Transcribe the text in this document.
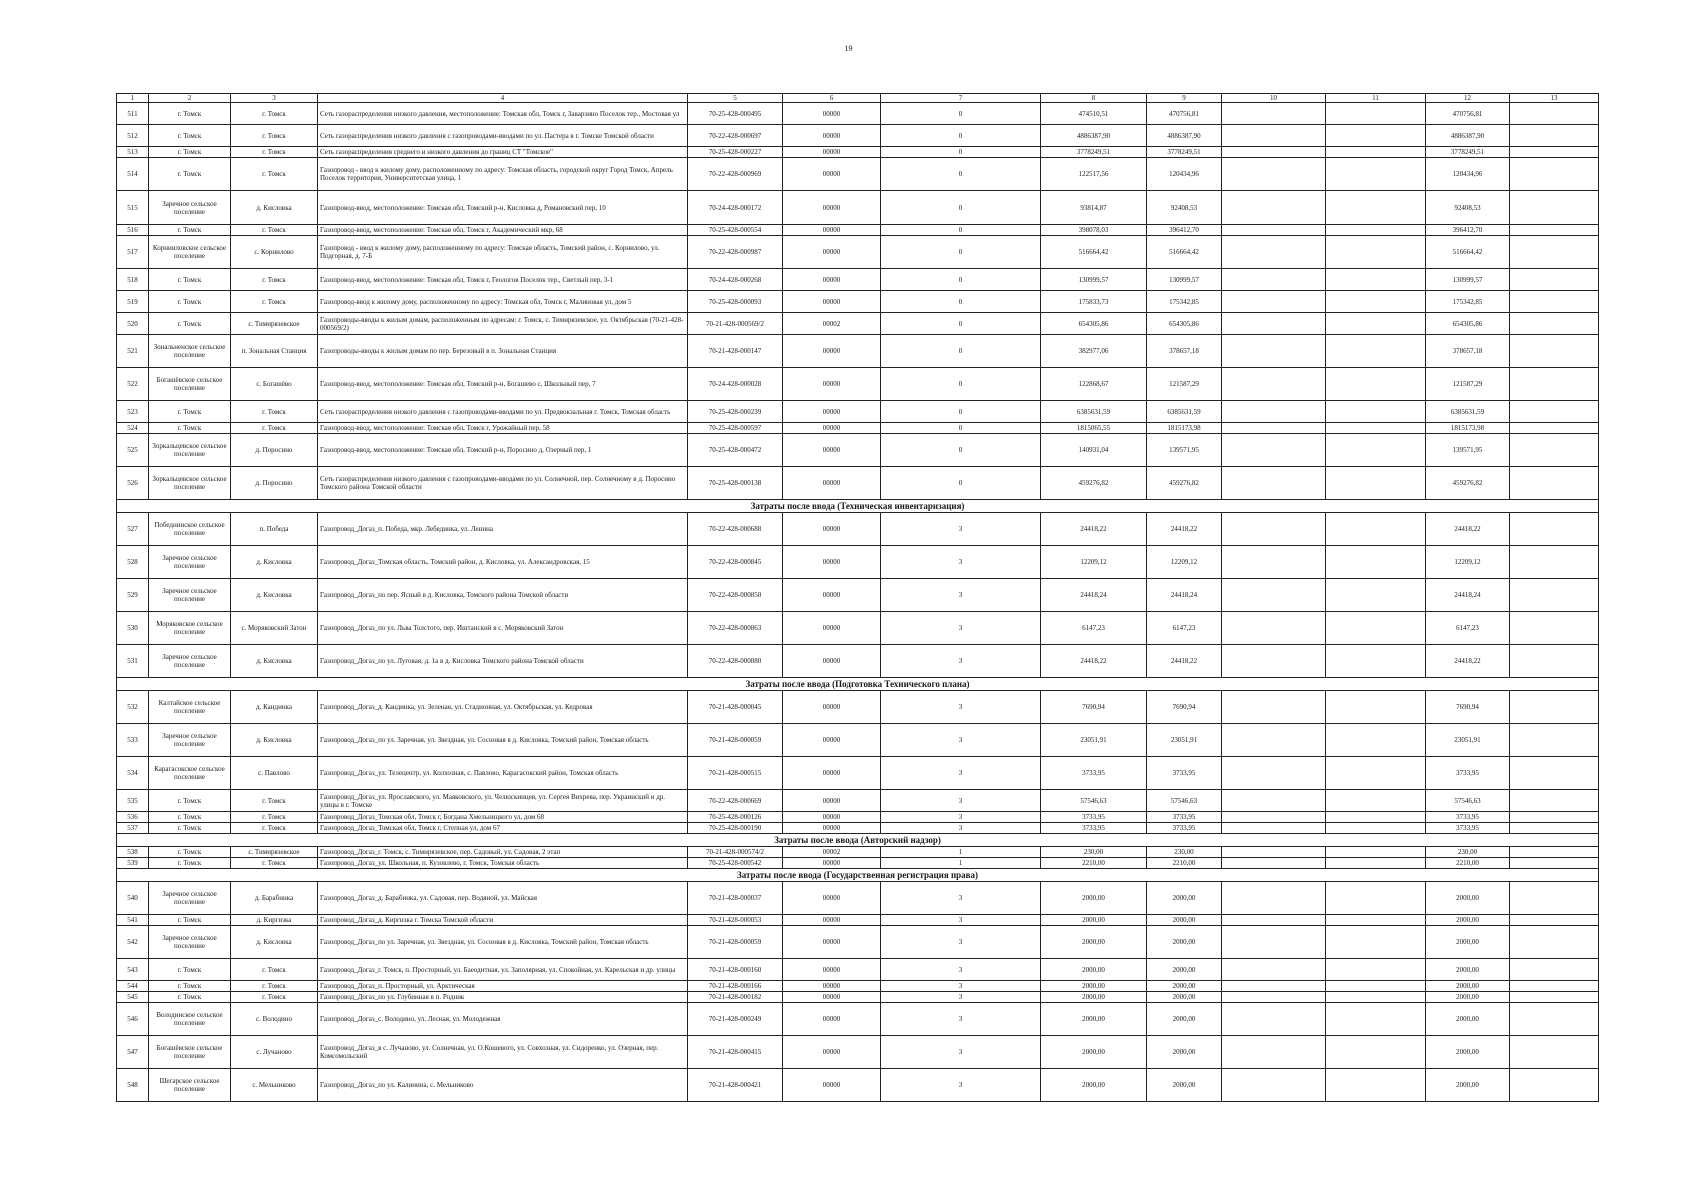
19
1	2	3	4	5	6	7	8	9	10	11	12	13
511	г. Томск	г. Томск	Сеть газораспределения низкого давления, местоположение: Томская обл, Томск г, Заварзино Поселок тер., Мостовая ул	70-25-428-000495	00000	0	474510,51	470756,81			470756,81	
512	г. Томск	г. Томск	Сеть газораспределения низкого давления с газопроводами-вводами по ул. Пастера в г. Томске Томской области	70-22-428-000697	00000	0	4886387,90	4886387,90			4886387,90	
513	г. Томск	г. Томск	Сеть газораспределения среднего и низкого давления до границ СТ "Томское"	70-25-428-000227	00000	0	3778249,51	3778249,51			3778249,51	
514	г. Томск	г. Томск	Газопровод - ввод к жилому дому, расположенному по адресу: Томская область, городской округ Город Томск, Апрель Поселок территория, Университетская улица, 1	70-22-428-000969	00000	0	122517,56	120434,96			120434,96	
515	Заречное сельское поселение	д. Кисловка	Газопровод-ввод, местоположение: Томская обл, Томский р-н, Кисловка д, Романовский пер, 10	70-24-428-000172	00000	0	93814,87	92408,53			92408,53	
516	г. Томск	г. Томск	Газопровод-ввод, местоположение: Томская обл, Томск г, Академический мкр, 68	70-25-428-000554	00000	0	398078,03	396412,70			396412,70	
517	Корнииловское сельское поселение	с. Корнилово	Газопровод - ввод к жилому дому, расположенному по адресу: Томская область, Томский район, с. Корнилово, ул. Подгорная, д. 7-Б	70-22-428-000987	00000	0	516664,42	516664,42			516664,42	
518	г. Томск	г. Томск	Газопровод-ввод, местоположение: Томская обл, Томск г, Геологов Поселок тер., Светлый пер, 3-1	70-24-428-000268	00000	0	130999,57	130999,57			130999,57	
519	г. Томск	г. Томск	Газопровод-ввод к жилому дому, расположенному по адресу: Томская обл, Томск г, Малиновая ул, дом 5	70-25-428-000093	00000	0	175833,73	175342,85			175342,85	
520	г. Томск	с. Тимирязевское	Газопроводы-вводы к жилым домам, расположенным по адресам: г. Томск, с. Тимирязевское, ул. Октябрьская (70-21-428-000569/2)	70-21-428-000569/2	00002	0	654305,86	654305,86			654305,86	
521	Зональненское сельское поселение	п. Зональная Станция	Газопроводы-вводы к жилым домам по пер. Березовый в п. Зональная Станция	70-21-428-000147	00000	0	382977,06	378657,18			378657,18	
522	Богашёвское сельское поселение	с. Богашёво	Газопровод-ввод, местоположение: Томская обл, Томский р-н, Богашево с, Школьный пер, 7	70-24-428-000028	00000	0	122868,67	121587,29			121587,29	
523	г. Томск	г. Томск	Сеть газораспределения низкого давления с газопроводами-вводами по ул. Предвокзальная г. Томск, Томская область	70-25-428-000239	00000	0	6385631,59	6385631,59			6385631,59	
524	г. Томск	г. Томск	Газопровод-ввод, местоположение: Томская обл, Томск г, Урожайный пер, 58	70-25-428-000597	00000	0	1815065,55	1815173,98			1815173,98	
525	Зоркальцевское сельское поселение	д. Поросино	Газопровод-ввод, местоположение: Томская обл, Томский р-н, Поросино д, Озерный пер, 1	70-25-428-000472	00000	0	140931,04	139571,95			139571,95	
526	Зоркальцевское сельское поселение	д. Поросино	Сеть газораспределения низкого давления с газопроводами-вводами по ул. Солнечной, пер. Солнечному в д. Поросино Томского района Томской области	70-25-428-000138	00000	0	459276,82	459276,82			459276,82	
Затраты после ввода (Техническая инвентаризация)												
527	Победнинское сельское поселение	п. Победа	Газопровод_Догаз_п. Победа, мкр. Лебединка, ул. Ленина	70-22-428-000688	00000	3	24418,22	24418,22			24418,22	
528	Заречное сельское поселение	д. Кисловка	Газопровод_Догаз_Томская область, Томский район, д. Кисловка, ул. Александровская, 15	70-22-428-000845	00000	3	12209,12	12209,12			12209,12	
529	Заречное сельское поселение	д. Кисловка	Газопровод_Догаз_по пер. Ясный в д. Кисловка, Томского района Томской области	70-22-428-000850	00000	3	24418,24	24418,24			24418,24	
530	Моряковское сельское поселение	с. Моряковский Затон	Газопровод_Догаз_по ул. Льва Толстого, пер. Иштанский в с. Моряковский Затон	70-22-428-000863	00000	3	6147,23	6147,23			6147,23	
531	Заречное сельское поселение	д. Кисловка	Газопровод_Догаз_по ул. Луговая, д. 1а в д. Кисловка Томского района Томской области	70-22-428-000880	00000	3	24418,22	24418,22			24418,22	
Затраты после ввода (Подготовка Технического плана)												
532	Калтайское сельское поселение	д. Кандинка	Газопровод_Догаз_д. Кандинка, ул. Зеленая, ул. Стадионная, ул. Октябрьская, ул. Кедровая	70-21-428-000045	00000	3	7690,94	7690,94			7690,94	
533	Заречное сельское поселение	д. Кисловка	Газопровод_Догаз_по ул. Заречная, ул. Звездная, ул. Сосновая в д. Кисловка, Томский район, Томская область	70-21-428-000059	00000	3	23051,91	23051,91			23051,91	
534	Карагасокское сельское поселение	с. Павлово	Газопровод_Догаз_ул. Телецентр, ул. Колхозная, с. Павлово, Карагасокский район, Томская область	70-21-428-000515	00000	3	3733,95	3733,95			3733,95	
535	г. Томск	г. Томск	Газопровод_Догаз_ул. Ярославского, ул. Маяковского, ул. Челюскинцев, ул. Сергея Вихрева, пер. Украинский и др. улицы в г. Томске	70-22-428-000669	00000	3	57546,63	57546,63			57546,63	
536	г. Томск	г. Томск	Газопровод_Догаз_Томская обл, Томск г, Богдана Хмельницкого ул, дом 68	70-25-428-000126	00000	3	3733,95	3733,95			3733,95	
537	г. Томск	г. Томск	Газопровод_Догаз_Томская обл, Томск г, Степная ул, дом 67	70-25-428-000190	00000	3	3733,95	3733,95			3733,95	
Затраты после ввода (Авторский надзор)												
538	г. Томск	с. Тимирязевское	Газопровод_Догаз_г. Томск, с. Тимирязевское, пер. Садовый, ул. Садовая, 2 этап	70-21-428-000574/2	00002	1	230,00	230,00			230,00	
539	г. Томск	г. Томск	Газопровод_Догаз_ул. Школьная, п. Кузовлево, г. Томск, Томская область	70-25-428-000542	00000	1	2210,00	2210,00			2210,00	
Затраты после ввода (Государственная регистрация права)												
540	Заречное сельское поселение	д. Барабинка	Газопровод_Догаз_д. Барабинка, ул. Садовая, пер. Водяной, ул. Майская	70-21-428-000037	00000	3	2000,00	2000,00			2000,00	
541	г. Томск	д. Киргизка	Газопровод_Догаз_д. Киргизка г. Томска Томской области	70-21-428-000053	00000	3	2000,00	2000,00			2000,00	
542	Заречное сельское поселение	д. Кисловка	Газопровод_Догаз_по ул. Заречная, ул. Звездная, ул. Сосновая в д. Кисловка, Томский район, Томская область	70-21-428-000059	00000	3	2000,00	2000,00			2000,00	
543	г. Томск	г. Томск	Газопровод_Догаз_г. Томск, п. Просторный, ул. Баеодитная, ул. Заполярная, ул. Спокойная, ул. Карельская и др. улицы	70-21-428-000160	00000	3	2000,00	2000,00			2000,00	
544	г. Томск	г. Томск	Газопровод_Догаз_п. Просторный, ул. Арктическая	70-21-428-000166	00000	3	2000,00	2000,00			2000,00	
545	г. Томск	г. Томск	Газопровод_Догаз_по ул. Глубинная в п. Родник	70-21-428-000182	00000	3	2000,00	2000,00			2000,00	
546	Володинское сельское поселение	с. Володино	Газопровод_Догаз_с. Володино, ул. Лесная, ул. Молодежная	70-21-428-000249	00000	3	2000,00	2000,00			2000,00	
547	Богашёвское сельское поселение	с. Лучаново	Газопровод_Догаз_в с. Лучаново, ул. Солнечная, ул. О.Кошевого, ул. Совхозная, ул. Сидоренко, ул. Озерная, пер. Комсомольский	70-21-428-000415	00000	3	2000,00	2000,00			2000,00	
548	Шегарское сельское поселение	с. Мельниково	Газопровод_Догаз_по ул. Калинина, с. Мельниково	70-21-428-000421	00000	3	2000,00	2000,00			2000,00	
